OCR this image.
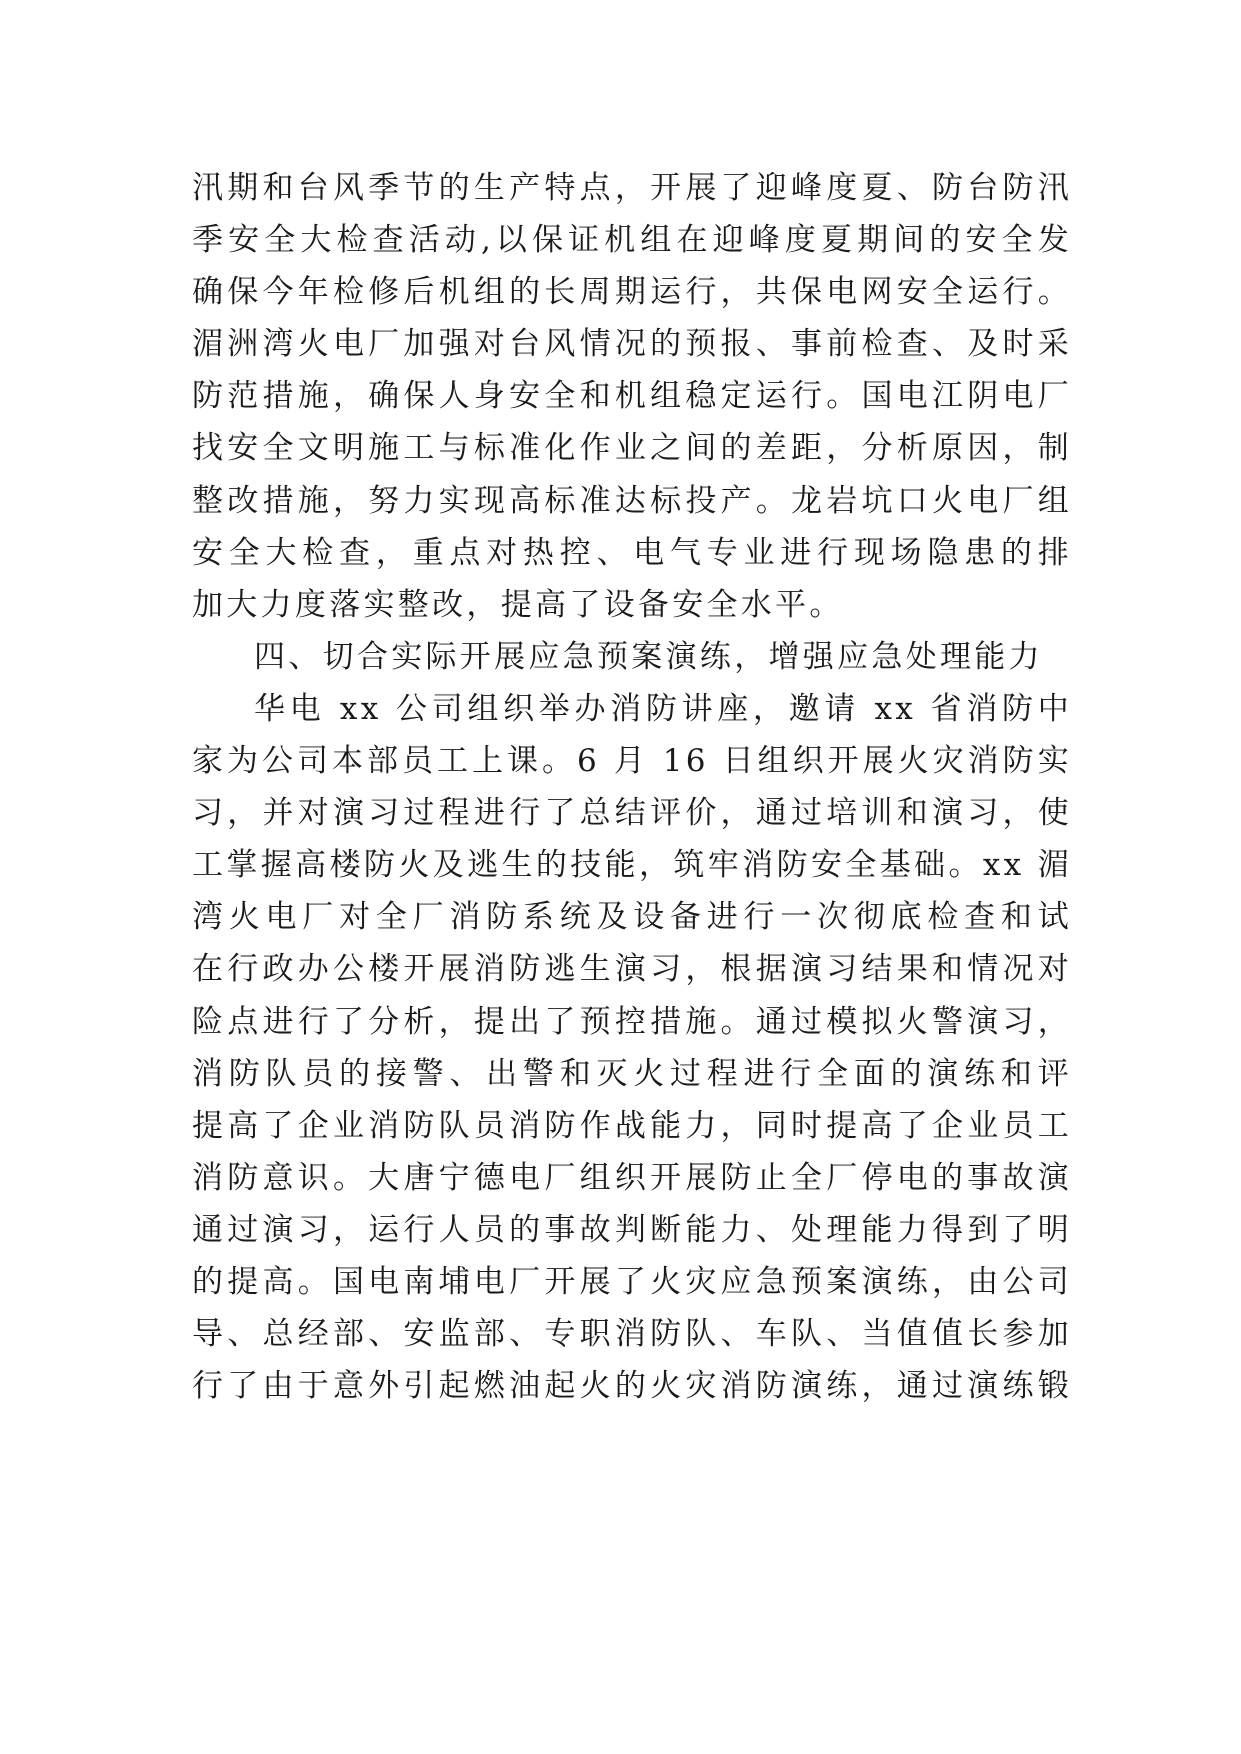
汛期和台风季节的生产特点，开展了迎峰度夏、防台防汛
季安全大检查活动,以保证机组在迎峰度夏期间的安全发
确保今年检修后机组的长周期运行，共保电网安全运行。
湄洲湾火电厂加强对台风情况的预报、事前检查、及时采
防范措施，确保人身安全和机组稳定运行。国电江阴电厂
找安全文明施工与标准化作业之间的差距，分析原因，制
整改措施，努力实现高标准达标投产。龙岩坑口火电厂组
安全大检查，重点对热控、电气专业进行现场隐患的排
加大力度落实整改，提高了设备安全水平。
四、切合实际开展应急预案演练，增强应急处理能力
华电 xx 公司组织举办消防讲座，邀请 xx 省消防中
家为公司本部员工上课。6 月 16 日组织开展火灾消防实
习，并对演习过程进行了总结评价，通过培训和演习，使
工掌握高楼防火及逃生的技能，筑牢消防安全基础。xx 湄
湾火电厂对全厂消防系统及设备进行一次彻底检查和试
在行政办公楼开展消防逃生演习，根据演习结果和情况对
险点进行了分析，提出了预控措施。通过模拟火警演习，
消防队员的接警、出警和灭火过程进行全面的演练和评
提高了企业消防队员消防作战能力，同时提高了企业员工
消防意识。大唐宁德电厂组织开展防止全厂停电的事故演
通过演习，运行人员的事故判断能力、处理能力得到了明
的提高。国电南埔电厂开展了火灾应急预案演练，由公司
导、总经部、安监部、专职消防队、车队、当值值长参加
行了由于意外引起燃油起火的火灾消防演练，通过演练锻
